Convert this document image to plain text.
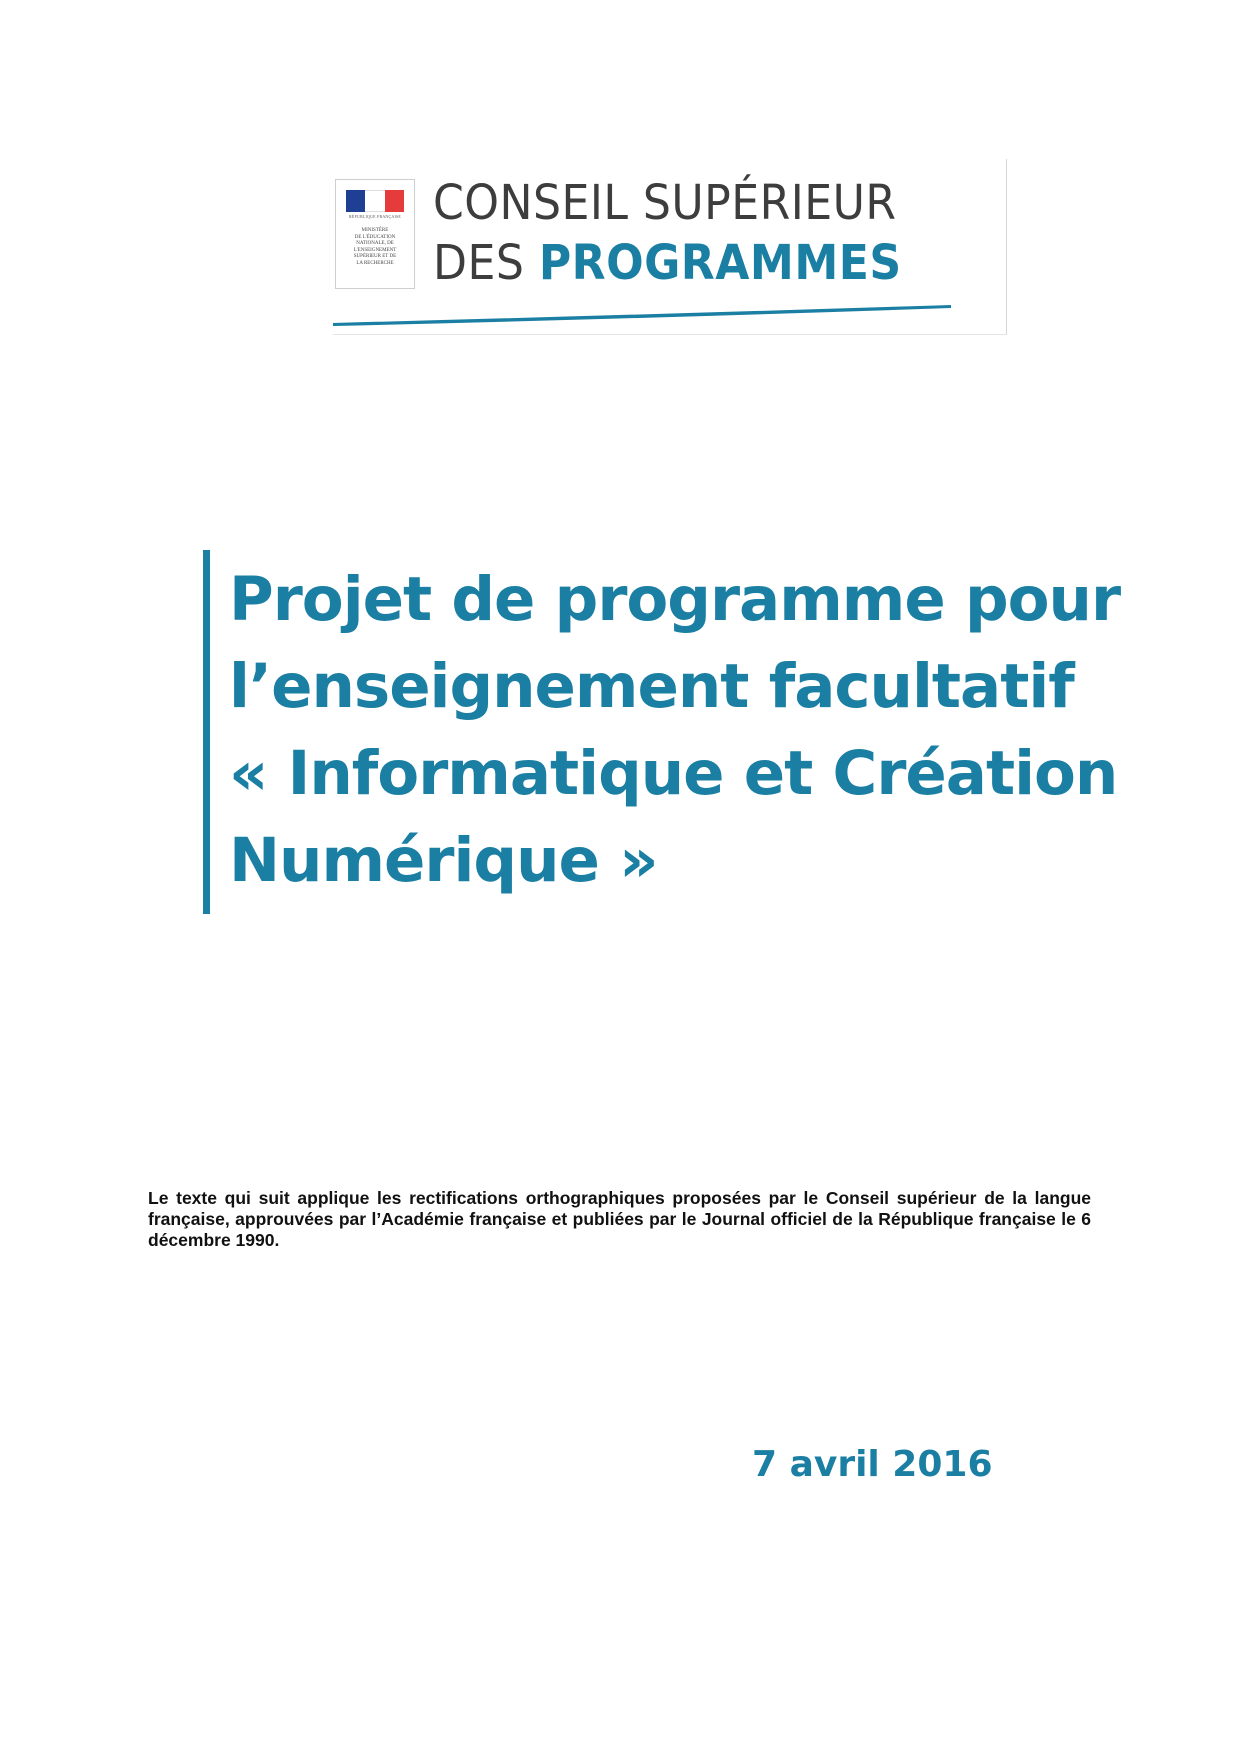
RÉPUBLIQUE FRANÇAISE
MINISTÈRE
DE L'ÉDUCATION
NATIONALE, DE
L'ENSEIGNEMENT
SUPÉRIEUR ET DE
LA RECHERCHE
CONSEIL SUPÉRIEUR
DES PROGRAMMES
Projet de programme pour
l’enseignement facultatif
« Informatique et Création
Numérique »

Le texte qui suit applique les rectifications orthographiques proposées par le Conseil supérieur de la langue française, approuvées par l’Académie française et publiées par le Journal officiel de la République française le 6 décembre 1990.

7 avril 2016
